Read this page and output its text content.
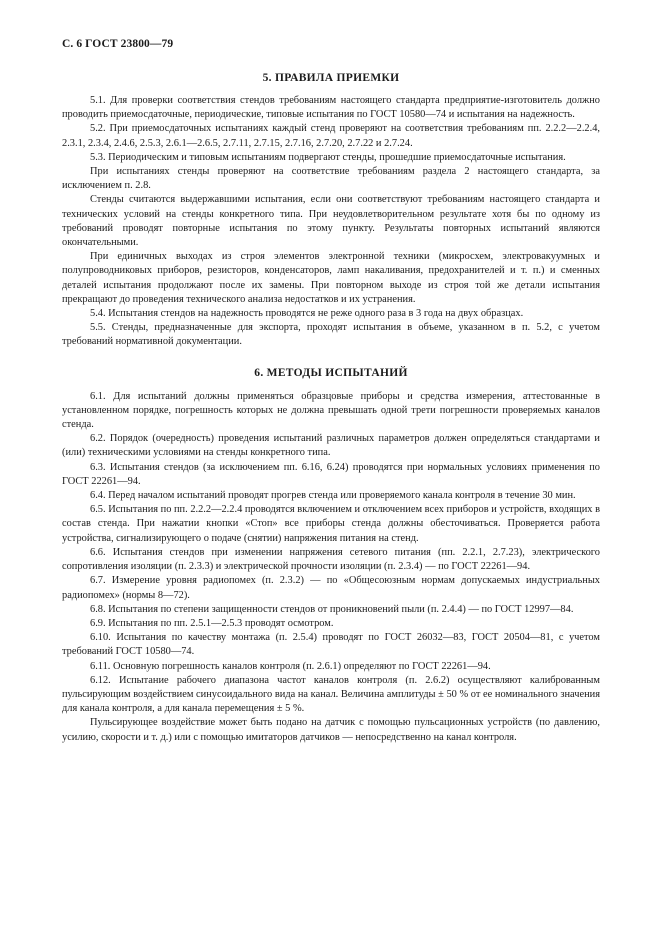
С. 6 ГОСТ 23800—79
5. ПРАВИЛА ПРИЕМКИ

5.1. Для проверки соответствия стендов требованиям настоящего стандарта предприятие-изготовитель должно проводить приемосдаточные, периодические, типовые испытания по ГОСТ 10580—74 и испытания на надежность.

5.2. При приемосдаточных испытаниях каждый стенд проверяют на соответствия требованиям пп. 2.2.2—2.2.4, 2.3.1, 2.3.4, 2.4.6, 2.5.3, 2.6.1—2.6.5, 2.7.11, 2.7.15, 2.7.16, 2.7.20, 2.7.22 и 2.7.24.

5.3. Периодическим и типовым испытаниям подвергают стенды, прошедшие приемосдаточные испытания.

При испытаниях стенды проверяют на соответствие требованиям раздела 2 настоящего стандарта, за исключением п. 2.8.

Стенды считаются выдержавшими испытания, если они соответствуют требованиям настоящего стандарта и технических условий на стенды конкретного типа. При неудовлетворительном результате хотя бы по одному из требований проводят повторные испытания по этому пункту. Результаты повторных испытаний являются окончательными.

При единичных выходах из строя элементов электронной техники (микросхем, электровакуумных и полупроводниковых приборов, резисторов, конденсаторов, ламп накаливания, предохранителей и т. п.) и сменных деталей испытания продолжают после их замены. При повторном выходе из строя той же детали испытания прекращают до проведения технического анализа недостатков и их устранения.

5.4. Испытания стендов на надежность проводятся не реже одного раза в 3 года на двух образцах.

5.5. Стенды, предназначенные для экспорта, проходят испытания в объеме, указанном в п. 5.2, с учетом требований нормативной документации.

6. МЕТОДЫ ИСПЫТАНИЙ

6.1. Для испытаний должны применяться образцовые приборы и средства измерения, аттестованные в установленном порядке, погрешность которых не должна превышать одной трети погрешности проверяемых каналов стенда.

6.2. Порядок (очередность) проведения испытаний различных параметров должен определяться стандартами и (или) техническими условиями на стенды конкретного типа.

6.3. Испытания стендов (за исключением пп. 6.16, 6.24) проводятся при нормальных условиях применения по ГОСТ 22261—94.

6.4. Перед началом испытаний проводят прогрев стенда или проверяемого канала контроля в течение 30 мин.

6.5. Испытания по пп. 2.2.2—2.2.4 проводятся включением и отключением всех приборов и устройств, входящих в состав стенда. При нажатии кнопки «Стоп» все приборы стенда должны обесточиваться. Проверяется работа устройства, сигнализирующего о подаче (снятии) напряжения питания на стенд.

6.6. Испытания стендов при изменении напряжения сетевого питания (пп. 2.2.1, 2.7.23), электрического сопротивления изоляции (п. 2.3.3) и электрической прочности изоляции (п. 2.3.4) — по ГОСТ 22261—94.

6.7. Измерение уровня радиопомех (п. 2.3.2) — по «Общесоюзным нормам допускаемых индустриальных радиопомех» (нормы 8—72).

6.8. Испытания по степени защищенности стендов от проникновений пыли (п. 2.4.4) — по ГОСТ 12997—84.

6.9. Испытания по пп. 2.5.1—2.5.3 проводят осмотром.

6.10. Испытания по качеству монтажа (п. 2.5.4) проводят по ГОСТ 26032—83, ГОСТ 20504—81, с учетом требований ГОСТ 10580—74.

6.11. Основную погрешность каналов контроля (п. 2.6.1) определяют по ГОСТ 22261—94.

6.12. Испытание рабочего диапазона частот каналов контроля (п. 2.6.2) осуществляют калиброванным пульсирующим воздействием синусоидального вида на канал. Величина амплитуды ± 50 % от ее номинального значения для канала контроля, а для канала перемещения ± 5 %.

Пульсирующее воздействие может быть подано на датчик с помощью пульсационных устройств (по давлению, усилию, скорости и т. д.) или с помощью имитаторов датчиков — непосредственно на канал контроля.
